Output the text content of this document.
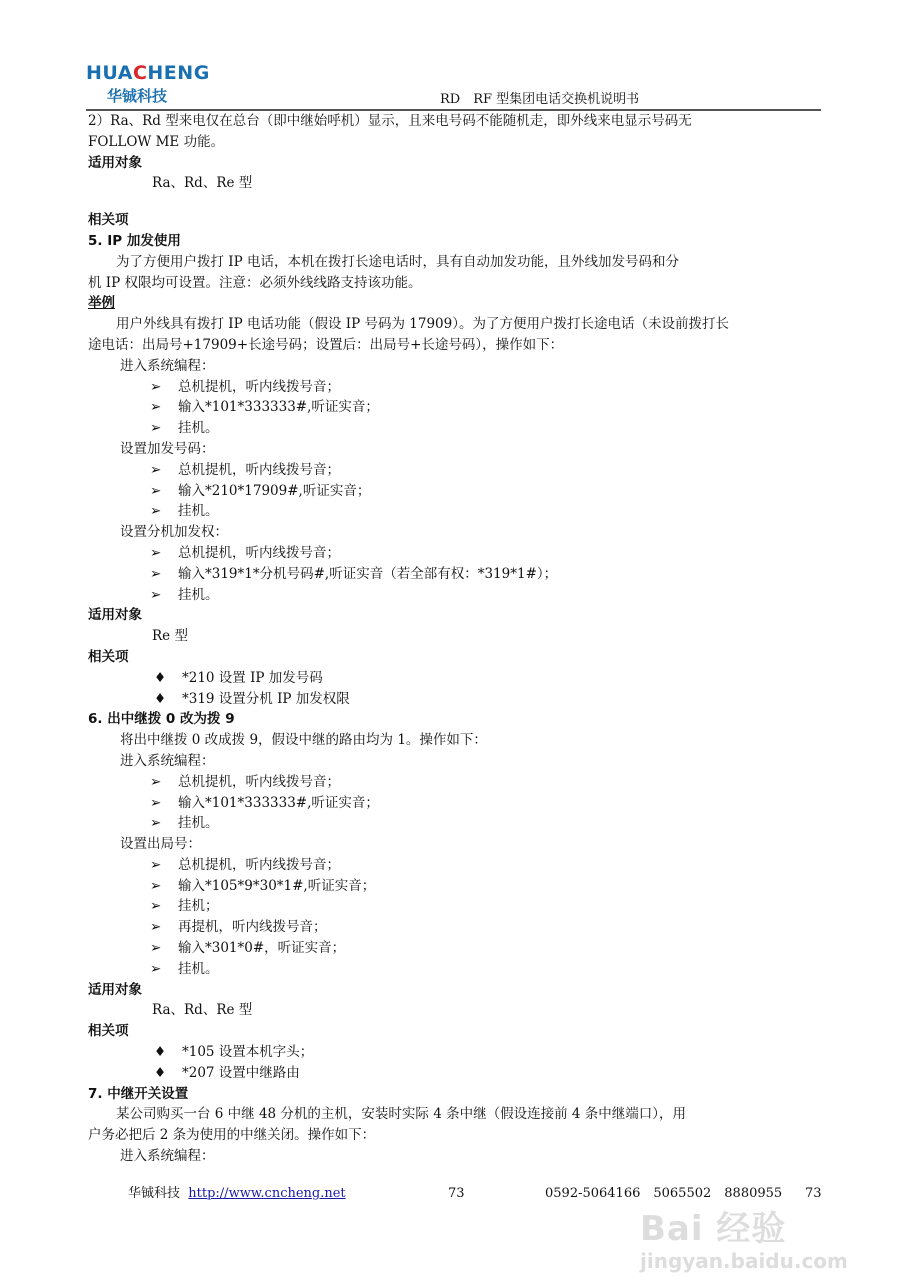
HUACHENG
华铖科技	RD　RF 型集团电话交换机说明书
2）Ra、Rd 型来电仅在总台（即中继始呼机）显示，且来电号码不能随机走，即外线来电显示号码无
FOLLOW ME 功能。
适用对象
Ra、Rd、Re 型
相关项
5. IP 加发使用
为了方便用户拨打 IP 电话，本机在拨打长途电话时，具有自动加发功能，且外线加发号码和分
机 IP 权限均可设置。注意：必须外线线路支持该功能。
举例
用户外线具有拨打 IP 电话功能（假设 IP 号码为 17909）。为了方便用户拨打长途电话（未设前拨打长
途电话：出局号+17909+长途号码；设置后：出局号+长途号码），操作如下：
进入系统编程：
➢ 总机提机，听内线拨号音；
➢ 输入*101*333333#,听证实音；
➢ 挂机。
设置加发号码：
➢ 总机提机，听内线拨号音；
➢ 输入*210*17909#,听证实音；
➢ 挂机。
设置分机加发权：
➢ 总机提机，听内线拨号音；
➢ 输入*319*1*分机号码#,听证实音（若全部有权：*319*1#）；
➢ 挂机。
适用对象
Re 型
相关项
♦ *210 设置 IP 加发号码
♦ *319 设置分机 IP 加发权限
6. 出中继拨 0 改为拨 9
将出中继拨 0 改成拨 9，假设中继的路由均为 1。操作如下：
进入系统编程：
➢ 总机提机，听内线拨号音；
➢ 输入*101*333333#,听证实音；
➢ 挂机。
设置出局号：
➢ 总机提机，听内线拨号音；
➢ 输入*105*9*30*1#,听证实音；
➢ 挂机；
➢ 再提机，听内线拨号音；
➢ 输入*301*0#，听证实音；
➢ 挂机。
适用对象
Ra、Rd、Re 型
相关项
♦ *105 设置本机字头；
♦ *207 设置中继路由
7. 中继开关设置
某公司购买一台 6 中继 48 分机的主机，安装时实际 4 条中继（假设连接前 4 条中继端口），用
户务必把后 2 条为使用的中继关闭。操作如下：
进入系统编程：
华铖科技 http://www.cncheng.net	73	0592-5064166　5065502　8880955 73
Bai 经验
jingyan.baidu.com
